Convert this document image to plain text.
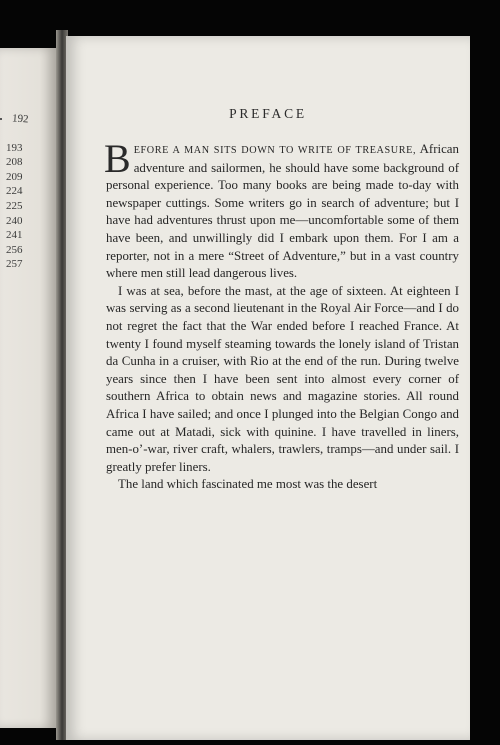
192
193
208
209
224
225
240
241
256
257
PREFACE

BEFORE A MAN SITS DOWN TO WRITE OF TREASURE, African adventure and sailormen, he should have some background of personal experience. Too many books are being made to-day with newspaper cuttings. Some writers go in search of adventure; but I have had adventures thrust upon me—uncomfortable some of them have been, and unwillingly did I embark upon them. For I am a reporter, not in a mere “Street of Adventure,” but in a vast country where men still lead dangerous lives.

I was at sea, before the mast, at the age of sixteen. At eighteen I was serving as a second lieutenant in the Royal Air Force—and I do not regret the fact that the War ended before I reached France. At twenty I found myself steaming towards the lonely island of Tristan da Cunha in a cruiser, with Rio at the end of the run. During twelve years since then I have been sent into almost every corner of southern Africa to obtain news and magazine stories. All round Africa I have sailed; and once I plunged into the Belgian Congo and came out at Matadi, sick with quinine. I have travelled in liners, men-o’-war, river craft, whalers, trawlers, tramps—and under sail. I greatly prefer liners.

The land which fascinated me most was the desert
